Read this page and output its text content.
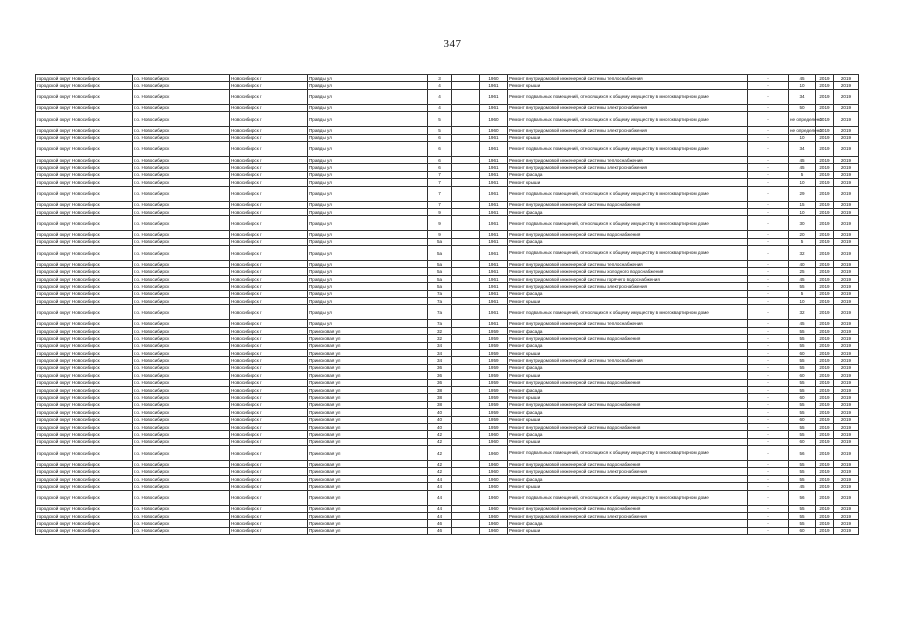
347
городской округ Новосибирск	г.о. Новосибирск	Новосибирск г	Правды ул	3		1960	Ремонт внутридомовой инженерной системы теплоснабжения	-	45	2019	2019
городской округ Новосибирск	г.о. Новосибирск	Новосибирск г	Правды ул	4		1961	Ремонт крыши	-	10	2019	2019
городской округ Новосибирск	г.о. Новосибирск	Новосибирск г	Правды ул	4		1961	Ремонт подвальных помещений, относящихся к общему имуществу в многоквартирном доме	-	34	2019	2019
городской округ Новосибирск	г.о. Новосибирск	Новосибирск г	Правды ул	4		1961	Ремонт внутридомовой инженерной системы электроснабжения	-	50	2019	2019
городской округ Новосибирск	г.о. Новосибирск	Новосибирск г	Правды ул	5		1960	Ремонт подвальных помещений, относящихся к общему имуществу в многоквартирном доме	-	не определено	2019	2019
городской округ Новосибирск	г.о. Новосибирск	Новосибирск г	Правды ул	5		1960	Ремонт внутридомовой инженерной системы электроснабжения	-	не определено	2019	2019
городской округ Новосибирск	г.о. Новосибирск	Новосибирск г	Правды ул	6		1961	Ремонт крыши	-	10	2019	2019
городской округ Новосибирск	г.о. Новосибирск	Новосибирск г	Правды ул	6		1961	Ремонт подвальных помещений, относящихся к общему имуществу в многоквартирном доме	-	34	2019	2019
городской округ Новосибирск	г.о. Новосибирск	Новосибирск г	Правды ул	6		1961	Ремонт внутридомовой инженерной системы теплоснабжения	-	45	2019	2019
городской округ Новосибирск	г.о. Новосибирск	Новосибирск г	Правды ул	6		1961	Ремонт внутридомовой инженерной системы электроснабжения	-	45	2019	2019
городской округ Новосибирск	г.о. Новосибирск	Новосибирск г	Правды ул	7		1961	Ремонт фасада	-	5	2019	2019
городской округ Новосибирск	г.о. Новосибирск	Новосибирск г	Правды ул	7		1961	Ремонт крыши	-	10	2019	2019
городской округ Новосибирск	г.о. Новосибирск	Новосибирск г	Правды ул	7		1961	Ремонт подвальных помещений, относящихся к общему имуществу в многоквартирном доме	-	29	2019	2019
городской округ Новосибирск	г.о. Новосибирск	Новосибирск г	Правды ул	7		1961	Ремонт внутридомовой инженерной системы водоснабжения	-	15	2019	2019
городской округ Новосибирск	г.о. Новосибирск	Новосибирск г	Правды ул	9		1961	Ремонт фасада	-	10	2019	2019
городской округ Новосибирск	г.о. Новосибирск	Новосибирск г	Правды ул	9		1961	Ремонт подвальных помещений, относящихся к общему имуществу в многоквартирном доме	-	30	2019	2019
городской округ Новосибирск	г.о. Новосибирск	Новосибирск г	Правды ул	9		1961	Ремонт внутридомовой инженерной системы водоснабжения	-	20	2019	2019
городской округ Новосибирск	г.о. Новосибирск	Новосибирск г	Правды ул	5а		1961	Ремонт фасада	-	5	2019	2019
городской округ Новосибирск	г.о. Новосибирск	Новосибирск г	Правды ул	5а		1961	Ремонт подвальных помещений, относящихся к общему имуществу в многоквартирном доме	-	32	2019	2019
городской округ Новосибирск	г.о. Новосибирск	Новосибирск г	Правды ул	5а		1961	Ремонт внутридомовой инженерной системы теплоснабжения	-	40	2019	2019
городской округ Новосибирск	г.о. Новосибирск	Новосибирск г	Правды ул	5а		1961	Ремонт внутридомовой инженерной системы холодного водоснабжения	-	25	2019	2019
городской округ Новосибирск	г.о. Новосибирск	Новосибирск г	Правды ул	5а		1961	Ремонт внутридомовой инженерной системы горячего водоснабжения	-	45	2019	2019
городской округ Новосибирск	г.о. Новосибирск	Новосибирск г	Правды ул	5а		1961	Ремонт внутридомовой инженерной системы электроснабжения	-	55	2019	2019
городской округ Новосибирск	г.о. Новосибирск	Новосибирск г	Правды ул	7а		1961	Ремонт фасада	-	5	2019	2019
городской округ Новосибирск	г.о. Новосибирск	Новосибирск г	Правды ул	7а		1961	Ремонт крыши	-	10	2019	2019
городской округ Новосибирск	г.о. Новосибирск	Новосибирск г	Правды ул	7а		1961	Ремонт подвальных помещений, относящихся к общему имуществу в многоквартирном доме	-	32	2019	2019
городской округ Новосибирск	г.о. Новосибирск	Новосибирск г	Правды ул	7а		1961	Ремонт внутридомовой инженерной системы теплоснабжения	-	45	2019	2019
городской округ Новосибирск	г.о. Новосибирск	Новосибирск г	Приисковая ул	32		1959	Ремонт фасада	-	55	2019	2019
городской округ Новосибирск	г.о. Новосибирск	Новосибирск г	Приисковая ул	32		1959	Ремонт внутридомовой инженерной системы водоснабжения	-	55	2019	2019
городской округ Новосибирск	г.о. Новосибирск	Новосибирск г	Приисковая ул	34		1959	Ремонт фасада	-	55	2019	2019
городской округ Новосибирск	г.о. Новосибирск	Новосибирск г	Приисковая ул	34		1959	Ремонт крыши	-	60	2019	2019
городской округ Новосибирск	г.о. Новосибирск	Новосибирск г	Приисковая ул	34		1959	Ремонт внутридомовой инженерной системы теплоснабжения	-	55	2019	2019
городской округ Новосибирск	г.о. Новосибирск	Новосибирск г	Приисковая ул	36		1959	Ремонт фасада	-	55	2019	2019
городской округ Новосибирск	г.о. Новосибирск	Новосибирск г	Приисковая ул	36		1959	Ремонт крыши	-	60	2019	2019
городской округ Новосибирск	г.о. Новосибирск	Новосибирск г	Приисковая ул	36		1959	Ремонт внутридомовой инженерной системы водоснабжения	-	55	2019	2019
городской округ Новосибирск	г.о. Новосибирск	Новосибирск г	Приисковая ул	38		1959	Ремонт фасада	-	55	2019	2019
городской округ Новосибирск	г.о. Новосибирск	Новосибирск г	Приисковая ул	38		1959	Ремонт крыши	-	60	2019	2019
городской округ Новосибирск	г.о. Новосибирск	Новосибирск г	Приисковая ул	38		1959	Ремонт внутридомовой инженерной системы водоснабжения	-	55	2019	2019
городской округ Новосибирск	г.о. Новосибирск	Новосибирск г	Приисковая ул	40		1959	Ремонт фасада	-	55	2019	2019
городской округ Новосибирск	г.о. Новосибирск	Новосибирск г	Приисковая ул	40		1959	Ремонт крыши	-	60	2019	2019
городской округ Новосибирск	г.о. Новосибирск	Новосибирск г	Приисковая ул	40		1959	Ремонт внутридомовой инженерной системы водоснабжения	-	55	2019	2019
городской округ Новосибирск	г.о. Новосибирск	Новосибирск г	Приисковая ул	42		1960	Ремонт фасада	-	55	2019	2019
городской округ Новосибирск	г.о. Новосибирск	Новосибирск г	Приисковая ул	42		1960	Ремонт крыши	-	60	2019	2019
городской округ Новосибирск	г.о. Новосибирск	Новосибирск г	Приисковая ул	42		1960	Ремонт подвальных помещений, относящихся к общему имуществу в многоквартирном доме	-	56	2019	2019
городской округ Новосибирск	г.о. Новосибирск	Новосибирск г	Приисковая ул	42		1960	Ремонт внутридомовой инженерной системы водоснабжения	-	55	2019	2019
городской округ Новосибирск	г.о. Новосибирск	Новосибирск г	Приисковая ул	42		1960	Ремонт внутридомовой инженерной системы электроснабжения	-	55	2019	2019
городской округ Новосибирск	г.о. Новосибирск	Новосибирск г	Приисковая ул	44		1960	Ремонт фасада	-	55	2019	2019
городской округ Новосибирск	г.о. Новосибирск	Новосибирск г	Приисковая ул	44		1960	Ремонт крыши	-	45	2019	2019
городской округ Новосибирск	г.о. Новосибирск	Новосибирск г	Приисковая ул	44		1960	Ремонт подвальных помещений, относящихся к общему имуществу в многоквартирном доме	-	56	2019	2019
городской округ Новосибирск	г.о. Новосибирск	Новосибирск г	Приисковая ул	44		1960	Ремонт внутридомовой инженерной системы водоснабжения	-	55	2019	2019
городской округ Новосибирск	г.о. Новосибирск	Новосибирск г	Приисковая ул	44		1960	Ремонт внутридомовой инженерной системы электроснабжения	-	55	2019	2019
городской округ Новосибирск	г.о. Новосибирск	Новосибирск г	Приисковая ул	46		1960	Ремонт фасада	-	55	2019	2019
городской округ Новосибирск	г.о. Новосибирск	Новосибирск г	Приисковая ул	46		1960	Ремонт крыши	-	60	2019	2019
